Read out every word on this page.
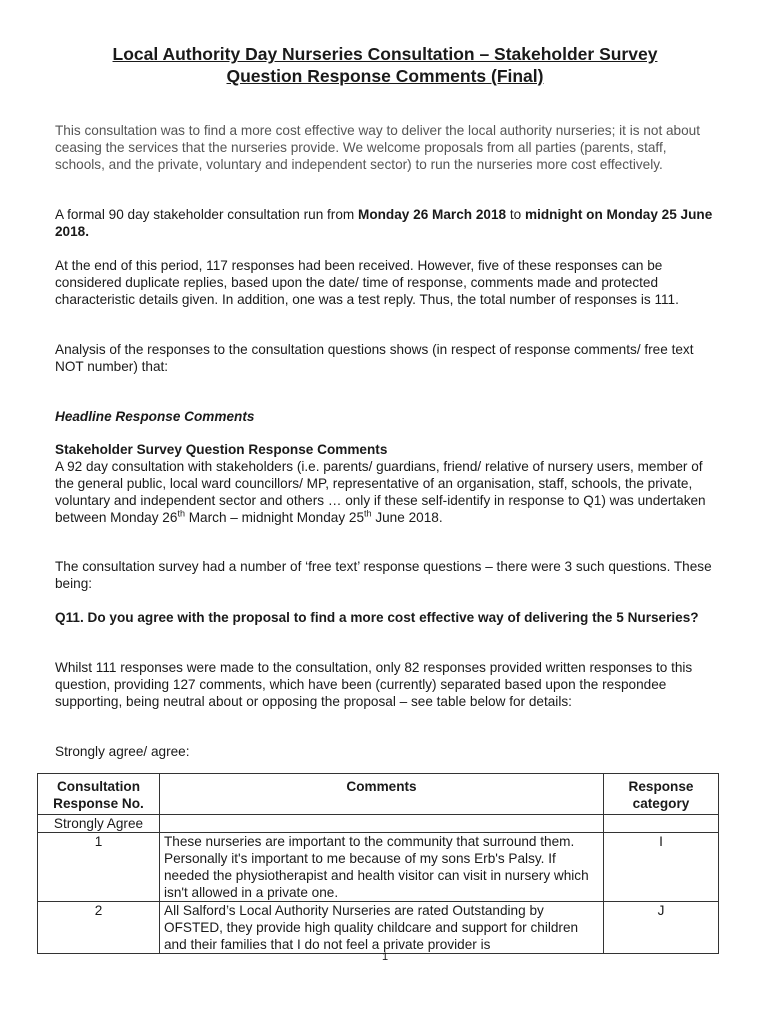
Local Authority Day Nurseries Consultation – Stakeholder Survey
Question Response Comments (Final)
This consultation was to find a more cost effective way to deliver the local authority nurseries; it is not about ceasing the services that the nurseries provide. We welcome proposals from all parties (parents, staff, schools, and the private, voluntary and independent sector) to run the nurseries more cost effectively.
A formal 90 day stakeholder consultation run from Monday 26 March 2018 to midnight on Monday 25 June 2018.
At the end of this period, 117 responses had been received. However, five of these responses can be considered duplicate replies, based upon the date/ time of response, comments made and protected characteristic details given. In addition, one was a test reply. Thus, the total number of responses is 111.
Analysis of the responses to the consultation questions shows (in respect of response comments/ free text NOT number) that:
Headline Response Comments
Stakeholder Survey Question Response Comments
A 92 day consultation with stakeholders (i.e. parents/ guardians, friend/ relative of nursery users, member of the general public, local ward councillors/ MP, representative of an organisation, staff, schools, the private, voluntary and independent sector and others … only if these self-identify in response to Q1) was undertaken between Monday 26th March – midnight Monday 25th June 2018.
The consultation survey had a number of ‘free text’ response questions – there were 3 such questions. These being:
Q11. Do you agree with the proposal to find a more cost effective way of delivering the 5 Nurseries?
Whilst 111 responses were made to the consultation, only 82 responses provided written responses to this question, providing 127 comments, which have been (currently) separated based upon the respondee supporting, being neutral about or opposing the proposal – see table below for details:
Strongly agree/ agree:
Consultation Response No.	Comments	Response category
Strongly Agree		
1	These nurseries are important to the community that surround them. Personally it's important to me because of my sons Erb's Palsy. If needed the physiotherapist and health visitor can visit in nursery which isn't allowed in a private one.	I
2	All Salford’s Local Authority Nurseries are rated Outstanding by OFSTED, they provide high quality childcare and support for children and their families that I do not feel a private provider is	J
1
